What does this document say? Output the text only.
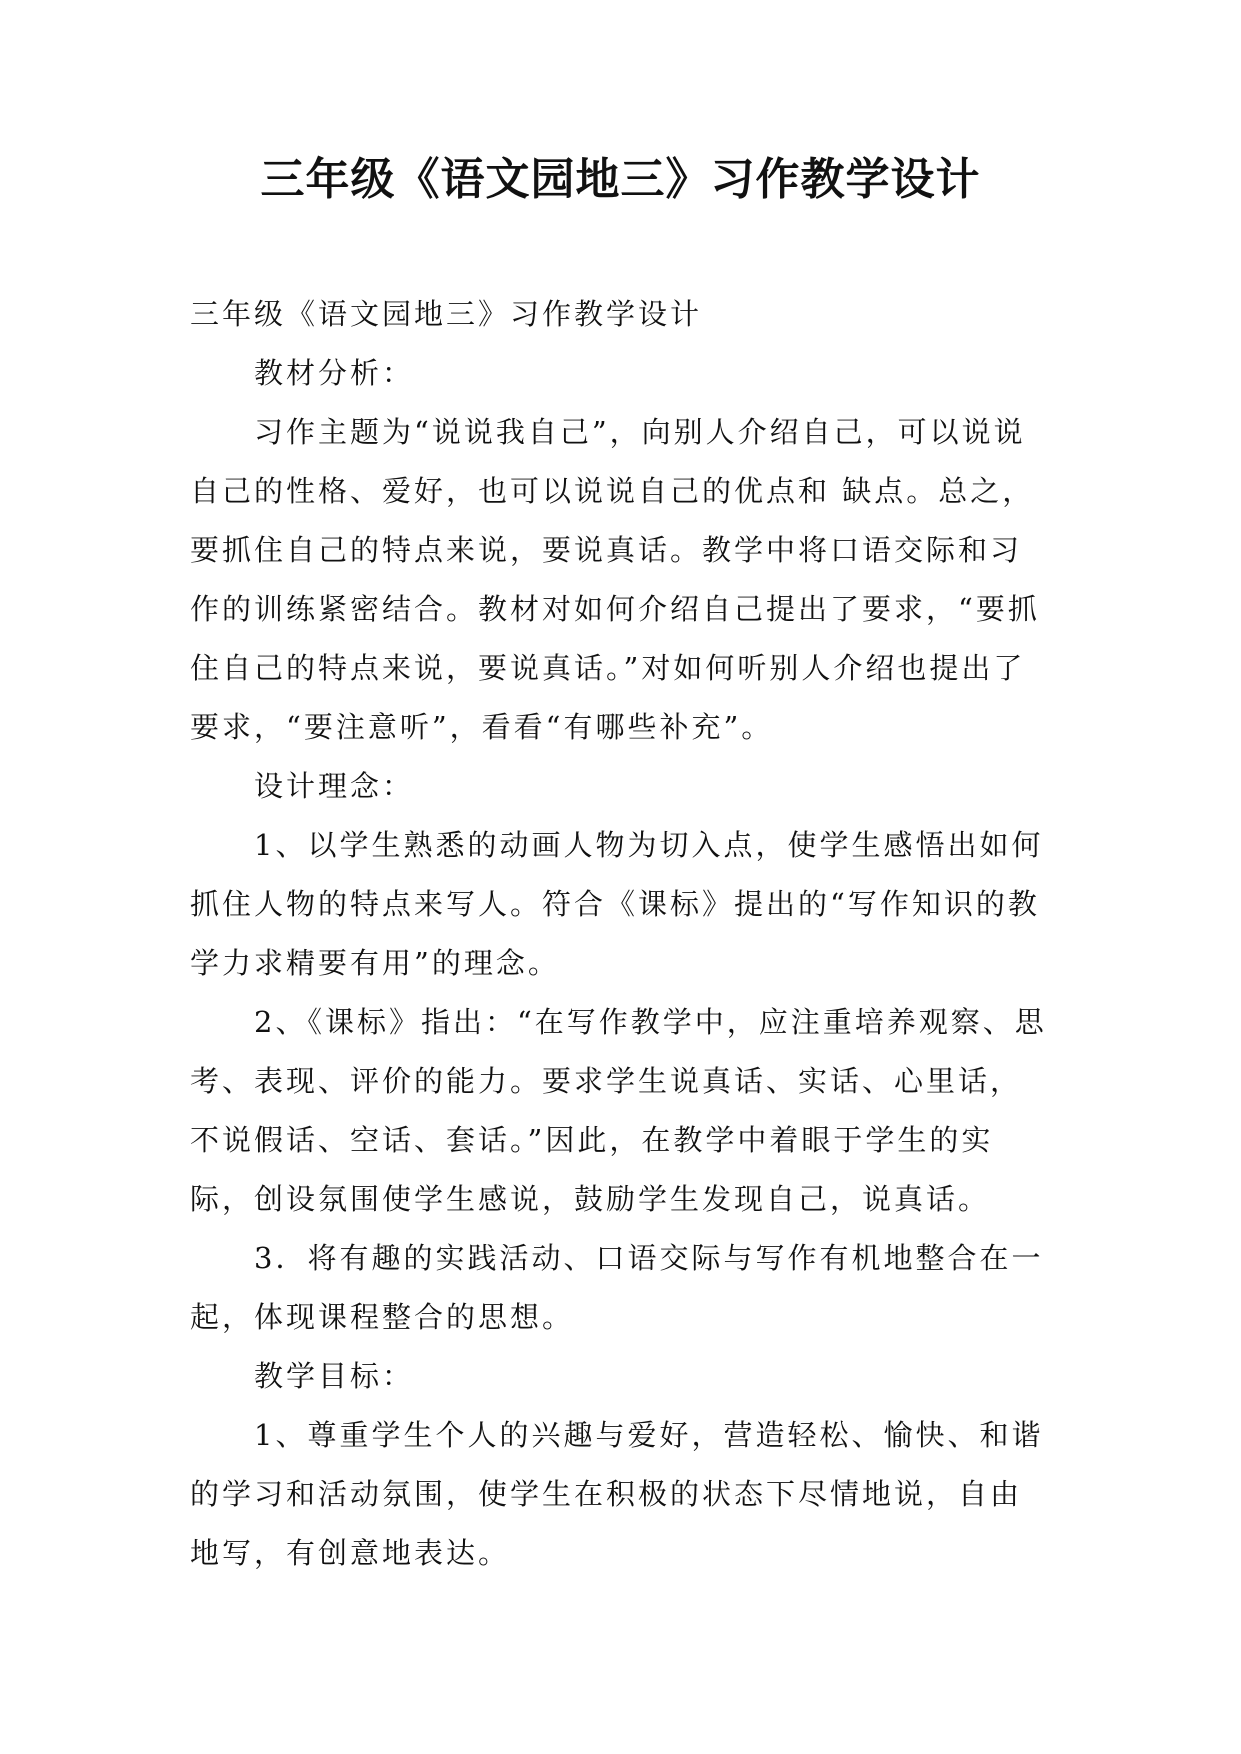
三年级《语文园地三》习作教学设计

三年级《语文园地三》习作教学设计

教材分析：

习作主题为“说说我自己”，向别人介绍自己，可以说说自己的性格、爱好，也可以说说自己的优点和 缺点。总之，要抓住自己的特点来说，要说真话。教学中将口语交际和习作的训练紧密结合。教材对如何介绍自己提出了要求，“要抓住自己的特点来说，要说真话。”对如何听别人介绍也提出了要求，“要注意听”，看看“有哪些补充”。

设计理念：

1、以学生熟悉的动画人物为切入点，使学生感悟出如何抓住人物的特点来写人。符合《课标》提出的“写作知识的教学力求精要有用”的理念。

2、《课标》指出：“在写作教学中，应注重培养观察、思考、表现、评价的能力。要求学生说真话、实话、心里话，不说假话、空话、套话。”因此，在教学中着眼于学生的实际，创设氛围使学生感说，鼓励学生发现自己，说真话。

3．将有趣的实践活动、口语交际与写作有机地整合在一起，体现课程整合的思想。

教学目标：

1、尊重学生个人的兴趣与爱好，营造轻松、愉快、和谐的学习和活动氛围，使学生在积极的状态下尽情地说，自由地写，有创意地表达。
